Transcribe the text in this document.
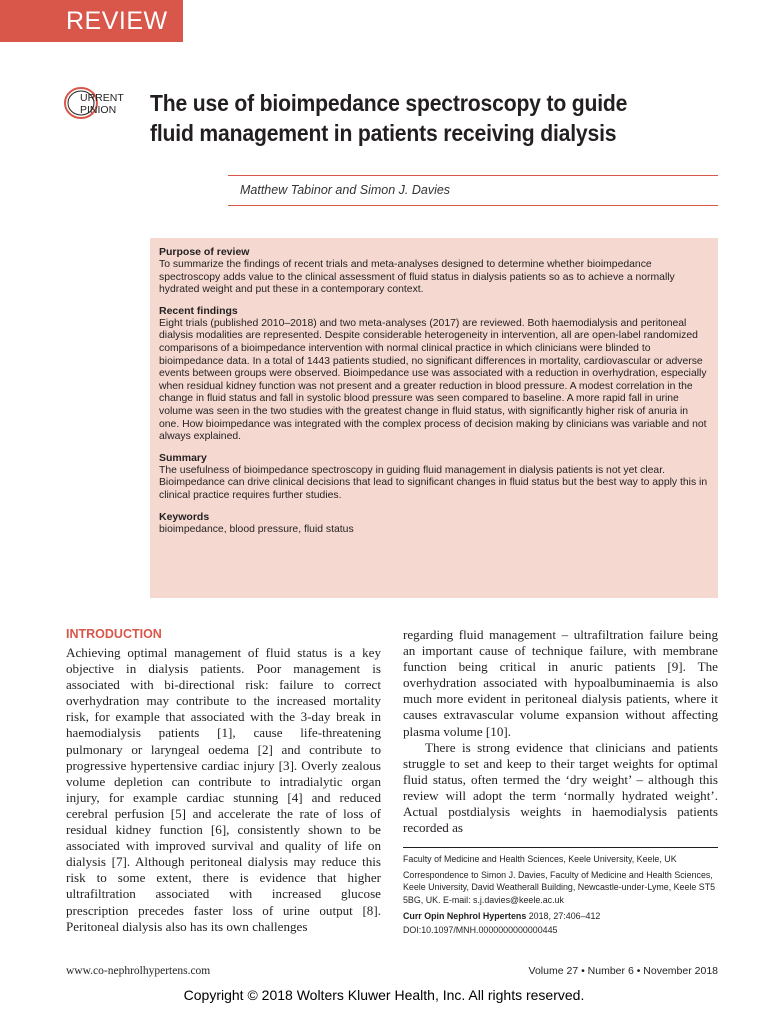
REVIEW
URRENT
PINION The use of bioimpedance spectroscopy to guide fluid management in patients receiving dialysis
Matthew Tabinor and Simon J. Davies
Purpose of review

To summarize the findings of recent trials and meta-analyses designed to determine whether bioimpedance spectroscopy adds value to the clinical assessment of fluid status in dialysis patients so as to achieve a normally hydrated weight and put these in a contemporary context.

Recent findings

Eight trials (published 2010–2018) and two meta-analyses (2017) are reviewed. Both haemodialysis and peritoneal dialysis modalities are represented. Despite considerable heterogeneity in intervention, all are open-label randomized comparisons of a bioimpedance intervention with normal clinical practice in which clinicians were blinded to bioimpedance data. In a total of 1443 patients studied, no significant differences in mortality, cardiovascular or adverse events between groups were observed. Bioimpedance use was associated with a reduction in overhydration, especially when residual kidney function was not present and a greater reduction in blood pressure. A modest correlation in the change in fluid status and fall in systolic blood pressure was seen compared to baseline. A more rapid fall in urine volume was seen in the two studies with the greatest change in fluid status, with significantly higher risk of anuria in one. How bioimpedance was integrated with the complex process of decision making by clinicians was variable and not always explained.

Summary

The usefulness of bioimpedance spectroscopy in guiding fluid management in dialysis patients is not yet clear. Bioimpedance can drive clinical decisions that lead to significant changes in fluid status but the best way to apply this in clinical practice requires further studies.

Keywords

bioimpedance, blood pressure, fluid status

INTRODUCTION

Achieving optimal management of fluid status is a key objective in dialysis patients. Poor management is associated with bi-directional risk: failure to correct overhydration may contribute to the increased mortality risk, for example that associated with the 3-day break in haemodialysis patients [1], cause life-threatening pulmonary or laryngeal oedema [2] and contribute to progressive hypertensive cardiac injury [3]. Overly zealous volume depletion can contribute to intradialytic organ injury, for example cardiac stunning [4] and reduced cerebral perfusion [5] and accelerate the rate of loss of residual kidney function [6], consistently shown to be associated with improved survival and quality of life on dialysis [7]. Although peritoneal dialysis may reduce this risk to some extent, there is evidence that higher ultrafiltration associated with increased glucose prescription precedes faster loss of urine output [8]. Peritoneal dialysis also has its own challenges

regarding fluid management – ultrafiltration failure being an important cause of technique failure, with membrane function being critical in anuric patients [9]. The overhydration associated with hypoalbuminaemia is also much more evident in peritoneal dialysis patients, where it causes extravascular volume expansion without affecting plasma volume [10].

There is strong evidence that clinicians and patients struggle to set and keep to their target weights for optimal fluid status, often termed the ‘dry weight’ – although this review will adopt the term ‘normally hydrated weight’. Actual postdialysis weights in haemodialysis patients recorded as

Faculty of Medicine and Health Sciences, Keele University, Keele, UK

Correspondence to Simon J. Davies, Faculty of Medicine and Health Sciences, Keele University, David Weatherall Building, Newcastle-under-Lyme, Keele ST5 5BG, UK. E-mail: s.j.davies@keele.ac.uk

Curr Opin Nephrol Hypertens 2018, 27:406–412

DOI:10.1097/MNH.0000000000000445

www.co-nephrolhypertens.com	Volume 27 • Number 6 • November 2018
Copyright © 2018 Wolters Kluwer Health, Inc. All rights reserved.
